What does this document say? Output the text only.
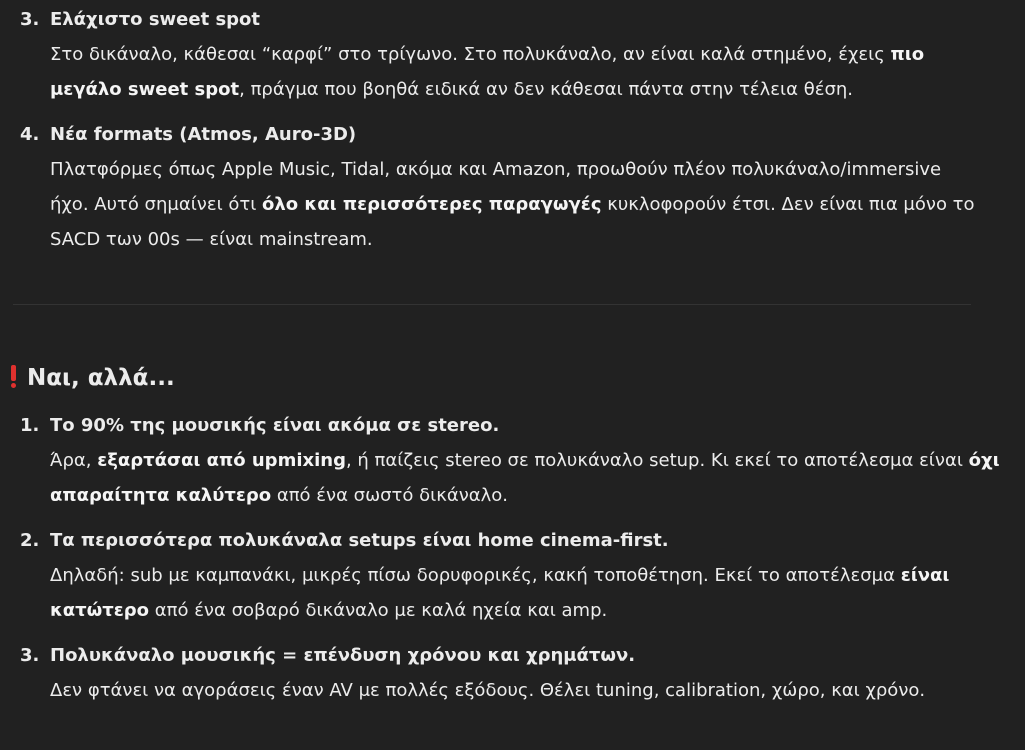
3. Ελάχιστο sweet spot
Στο δικάναλο, κάθεσαι “καρφί” στο τρίγωνο. Στο πολυκάναλο, αν είναι καλά στημένο, έχεις πιο
μεγάλο sweet spot, πράγμα που βοηθά ειδικά αν δεν κάθεσαι πάντα στην τέλεια θέση.
4. Νέα formats (Atmos, Auro-3D)
Πλατφόρμες όπως Apple Music, Tidal, ακόμα και Amazon, προωθούν πλέον πολυκάναλο/immersive
ήχο. Αυτό σημαίνει ότι όλο και περισσότερες παραγωγές κυκλοφορούν έτσι. Δεν είναι πια μόνο το
SACD των 00s — είναι mainstream.
Ναι, αλλά...
1. Το 90% της μουσικής είναι ακόμα σε stereo.
Άρα, εξαρτάσαι από upmixing, ή παίζεις stereo σε πολυκάναλο setup. Κι εκεί το αποτέλεσμα είναι όχι
απαραίτητα καλύτερο από ένα σωστό δικάναλο.
2. Τα περισσότερα πολυκάναλα setups είναι home cinema-first.
Δηλαδή: sub με καμπανάκι, μικρές πίσω δορυφορικές, κακή τοποθέτηση. Εκεί το αποτέλεσμα είναι
κατώτερο από ένα σοβαρό δικάναλο με καλά ηχεία και amp.
3. Πολυκάναλο μουσικής = επένδυση χρόνου και χρημάτων.
Δεν φτάνει να αγοράσεις έναν AV με πολλές εξόδους. Θέλει tuning, calibration, χώρο, και χρόνο.
